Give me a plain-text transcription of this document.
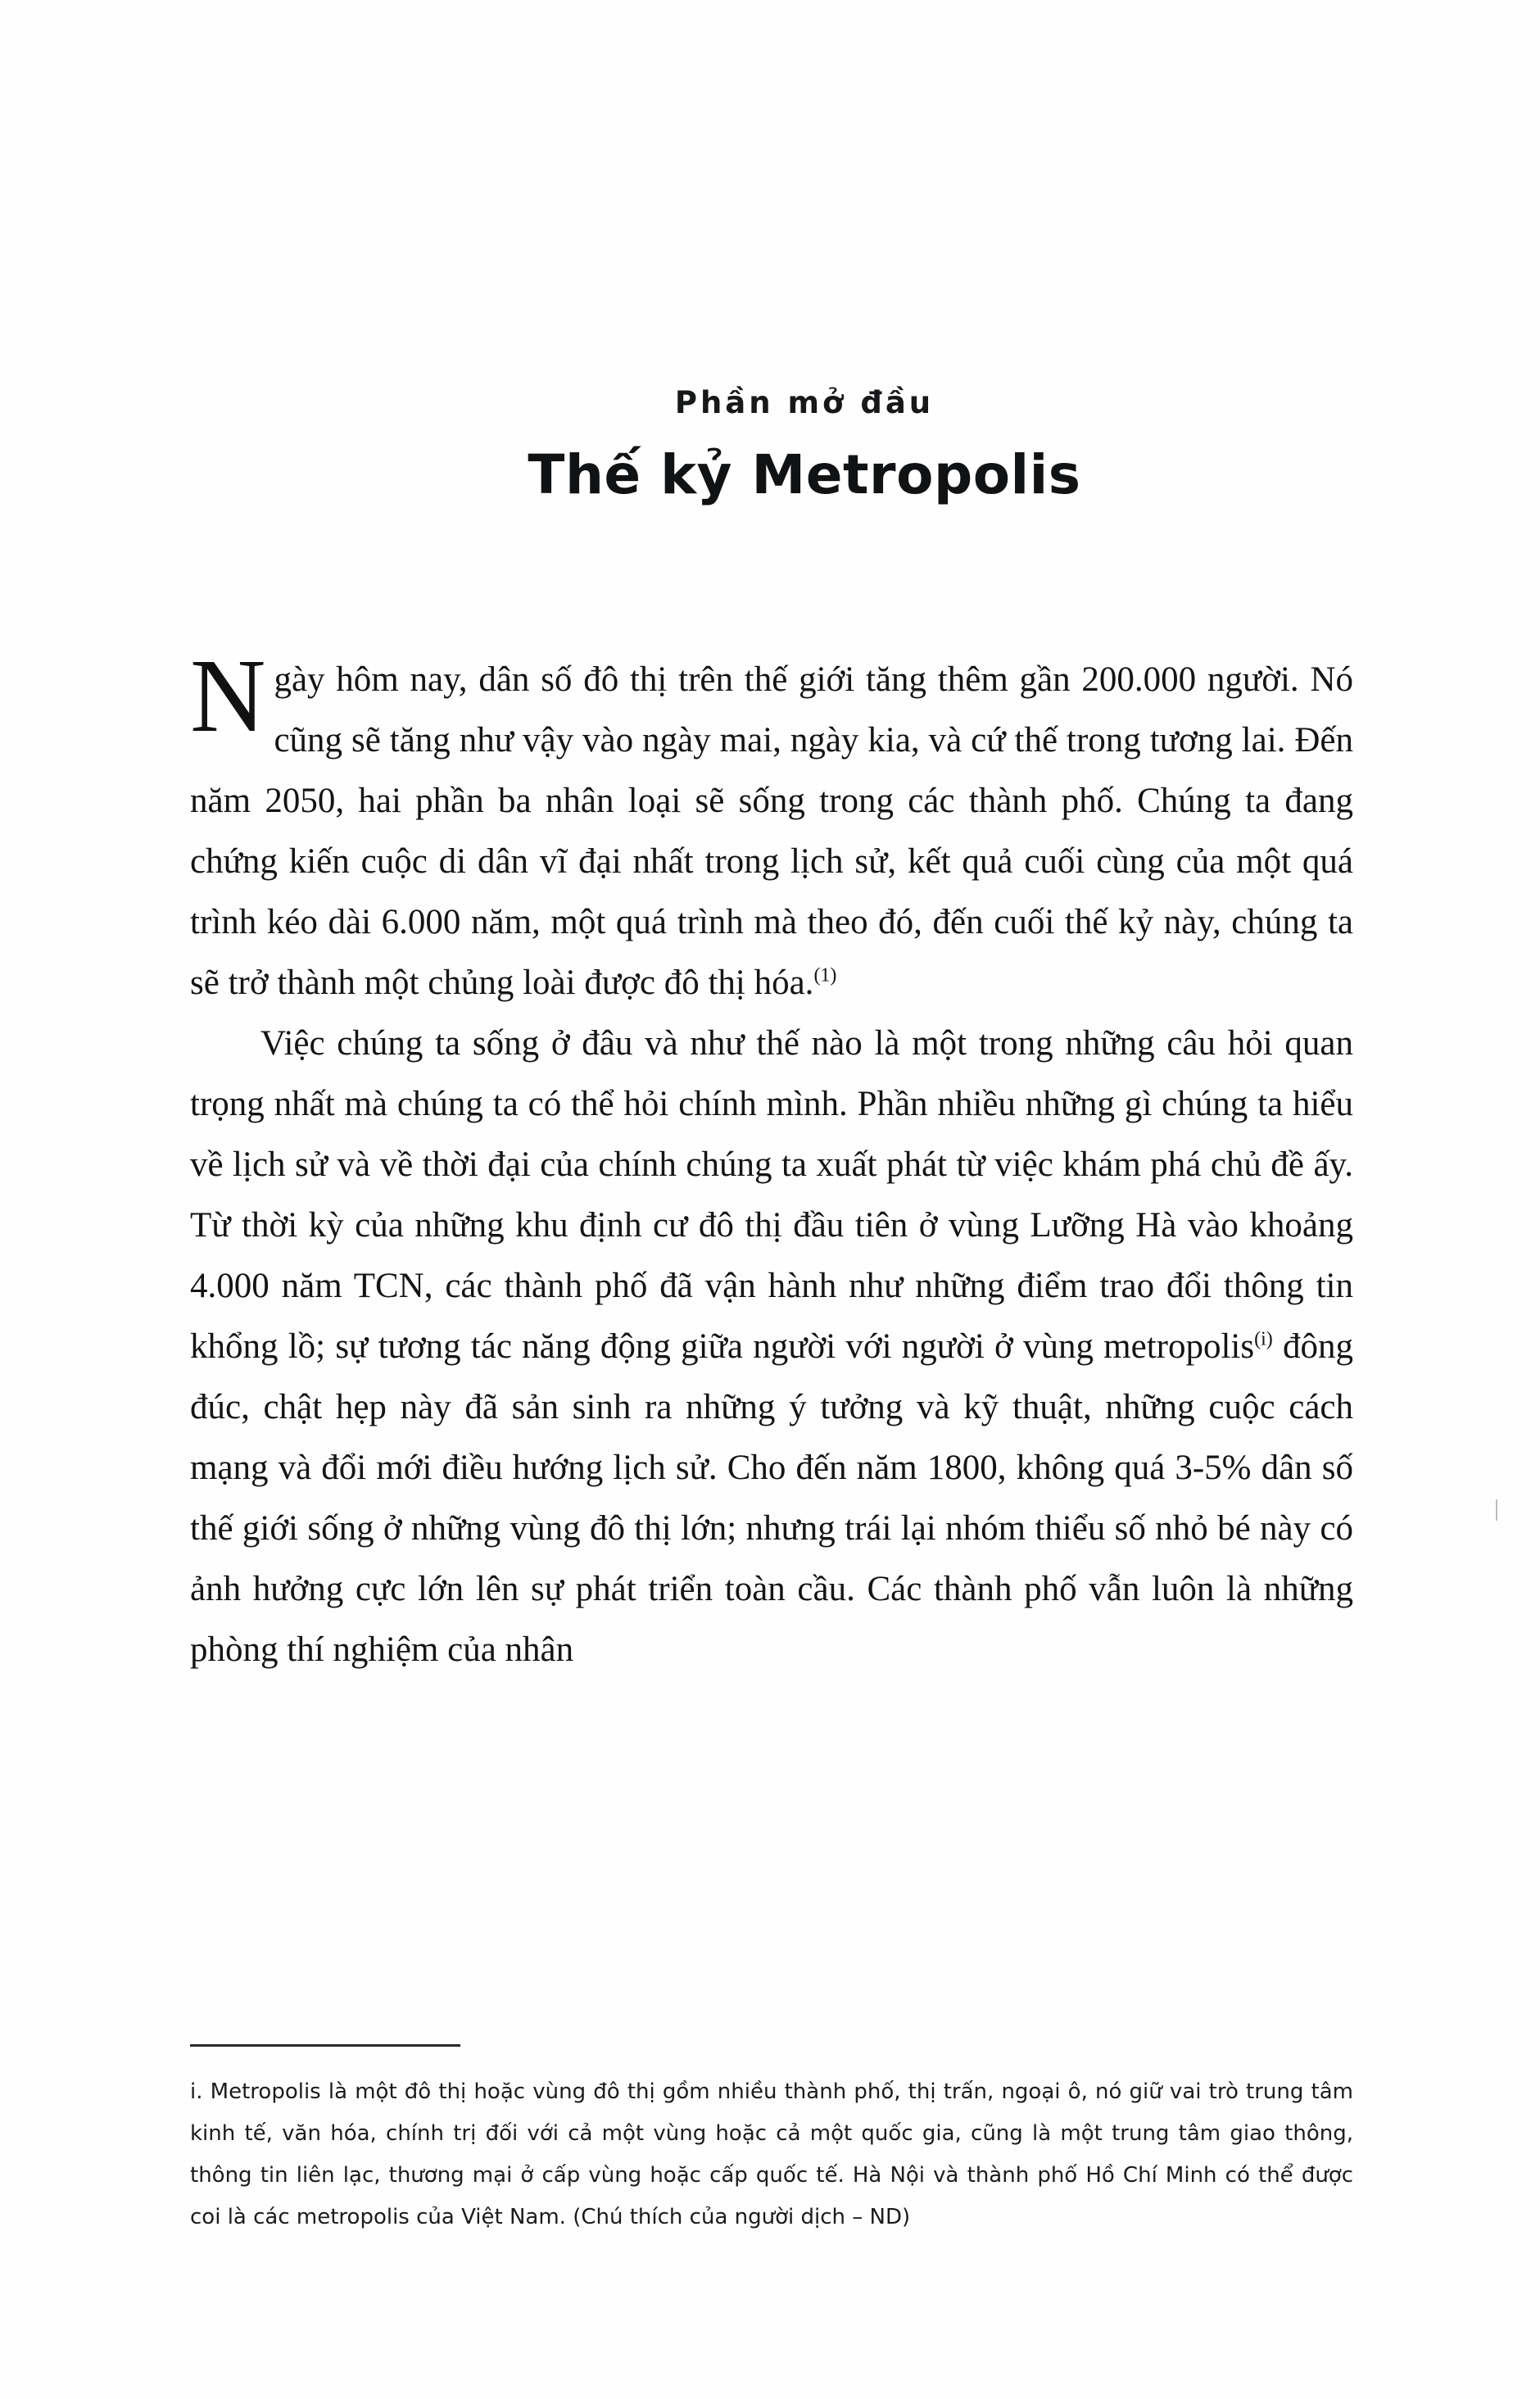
Phần mở đầu
Thế kỷ Metropolis

Ngày hôm nay, dân số đô thị trên thế giới tăng thêm gần 200.000 người. Nó cũng sẽ tăng như vậy vào ngày mai, ngày kia, và cứ thế trong tương lai. Đến năm 2050, hai phần ba nhân loại sẽ sống trong các thành phố. Chúng ta đang chứng kiến cuộc di dân vĩ đại nhất trong lịch sử, kết quả cuối cùng của một quá trình kéo dài 6.000 năm, một quá trình mà theo đó, đến cuối thế kỷ này, chúng ta sẽ trở thành một chủng loài được đô thị hóa.$^{(1)}$

Việc chúng ta sống ở đâu và như thế nào là một trong những câu hỏi quan trọng nhất mà chúng ta có thể hỏi chính mình. Phần nhiều những gì chúng ta hiểu về lịch sử và về thời đại của chính chúng ta xuất phát từ việc khám phá chủ đề ấy. Từ thời kỳ của những khu định cư đô thị đầu tiên ở vùng Lưỡng Hà vào khoảng 4.000 năm TCN, các thành phố đã vận hành như những điểm trao đổi thông tin khổng lồ; sự tương tác năng động giữa người với người ở vùng metropolis$^{(i)}$ đông đúc, chật hẹp này đã sản sinh ra những ý tưởng và kỹ thuật, những cuộc cách mạng và đổi mới điều hướng lịch sử. Cho đến năm 1800, không quá 3-5% dân số thế giới sống ở những vùng đô thị lớn; nhưng trái lại nhóm thiểu số nhỏ bé này có ảnh hưởng cực lớn lên sự phát triển toàn cầu. Các thành phố vẫn luôn là những phòng thí nghiệm của nhân

i. Metropolis là một đô thị hoặc vùng đô thị gồm nhiều thành phố, thị trấn, ngoại ô, nó giữ vai trò trung tâm kinh tế, văn hóa, chính trị đối với cả một vùng hoặc cả một quốc gia, cũng là một trung tâm giao thông, thông tin liên lạc, thương mại ở cấp vùng hoặc cấp quốc tế. Hà Nội và thành phố Hồ Chí Minh có thể được coi là các metropolis của Việt Nam. (Chú thích của người dịch – ND)
